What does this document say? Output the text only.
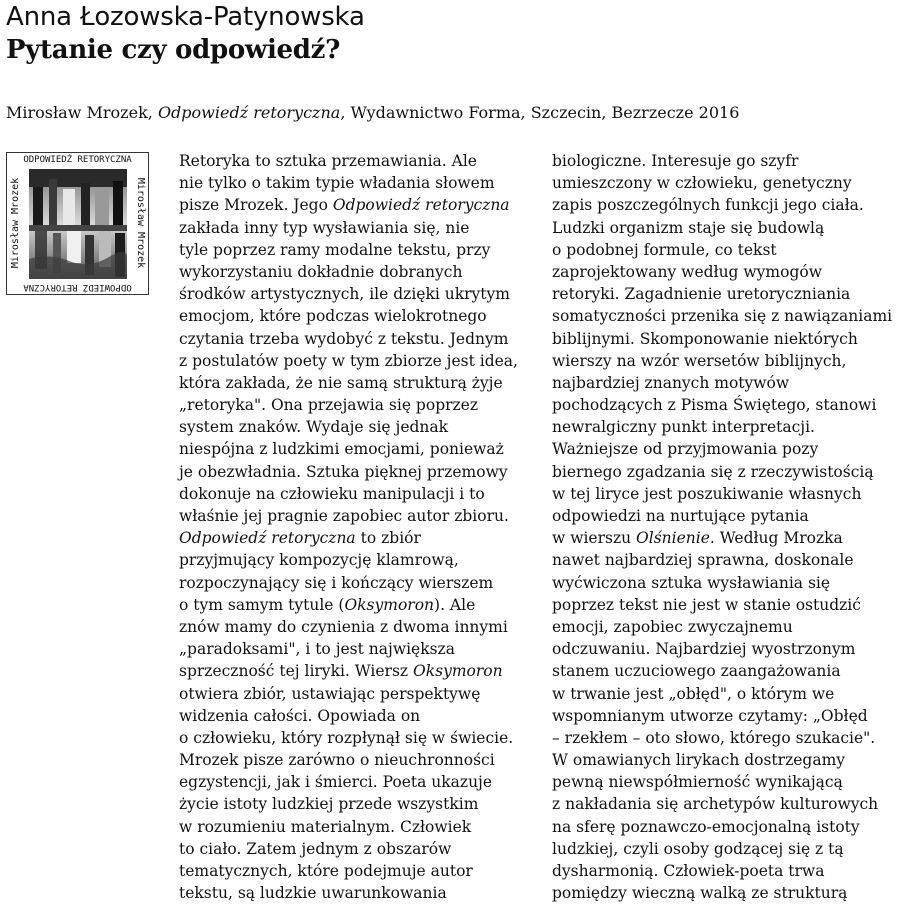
Anna Łozowska-Patynowska
Pytanie czy odpowiedź?
Mirosław Mrozek, Odpowiedź retoryczna, Wydawnictwo Forma, Szczecin, Bezrzecze 2016
ODPOWIEDŹ RETORYCZNA
Mirosław Mrozek	Mirosław Mrozek
ODPOWIEDŹ RETORYCZNA
Retoryka to sztuka przemawiania. Ale
nie tylko o takim typie władania słowem
pisze Mrozek. Jego Odpowiedź retoryczna
zakłada inny typ wysławiania się, nie
tyle poprzez ramy modalne tekstu, przy
wykorzystaniu dokładnie dobranych
środków artystycznych, ile dzięki ukrytym
emocjom, które podczas wielokrotnego
czytania trzeba wydobyć z tekstu. Jednym
z postulatów poety w tym zbiorze jest idea,
która zakłada, że nie samą strukturą żyje
„retoryka". Ona przejawia się poprzez
system znaków. Wydaje się jednak
niespójna z ludzkimi emocjami, ponieważ
je obezwładnia. Sztuka pięknej przemowy
dokonuje na człowieku manipulacji i to
właśnie jej pragnie zapobiec autor zbioru.
Odpowiedź retoryczna to zbiór
przyjmujący kompozycję klamrową,
rozpoczynający się i kończący wierszem
o tym samym tytule (Oksymoron). Ale
znów mamy do czynienia z dwoma innymi
„paradoksami", i to jest największa
sprzeczność tej liryki. Wiersz Oksymoron
otwiera zbiór, ustawiając perspektywę
widzenia całości. Opowiada on
o człowieku, który rozpłynął się w świecie.
Mrozek pisze zarówno o nieuchronności
egzystencji, jak i śmierci. Poeta ukazuje
życie istoty ludzkiej przede wszystkim
w rozumieniu materialnym. Człowiek
to ciało. Zatem jednym z obszarów
tematycznych, które podejmuje autor
tekstu, są ludzkie uwarunkowania
biologiczne. Interesuje go szyfr
umieszczony w człowieku, genetyczny
zapis poszczególnych funkcji jego ciała.
Ludzki organizm staje się budowlą
o podobnej formule, co tekst
zaprojektowany według wymogów
retoryki. Zagadnienie uretoryczniania
somatyczności przenika się z nawiązaniami
biblijnymi. Skomponowanie niektórych
wierszy na wzór wersetów biblijnych,
najbardziej znanych motywów
pochodzących z Pisma Świętego, stanowi
newralgiczny punkt interpretacji.
Ważniejsze od przyjmowania pozy
biernego zgadzania się z rzeczywistością
w tej liryce jest poszukiwanie własnych
odpowiedzi na nurtujące pytania
w wierszu Olśnienie. Według Mrozka
nawet najbardziej sprawna, doskonale
wyćwiczona sztuka wysławiania się
poprzez tekst nie jest w stanie ostudzić
emocji, zapobiec zwyczajnemu
odczuwaniu. Najbardziej wyostrzonym
stanem uczuciowego zaangażowania
w trwanie jest „obłęd", o którym we
wspomnianym utworze czytamy: „Obłęd
– rzekłem – oto słowo, którego szukacie".
W omawianych lirykach dostrzegamy
pewną niewspółmierność wynikającą
z nakładania się archetypów kulturowych
na sferę poznawczo-emocjonalną istoty
ludzkiej, czyli osoby godzącej się z tą
dysharmonią. Człowiek-poeta trwa
pomiędzy wieczną walką ze strukturą
